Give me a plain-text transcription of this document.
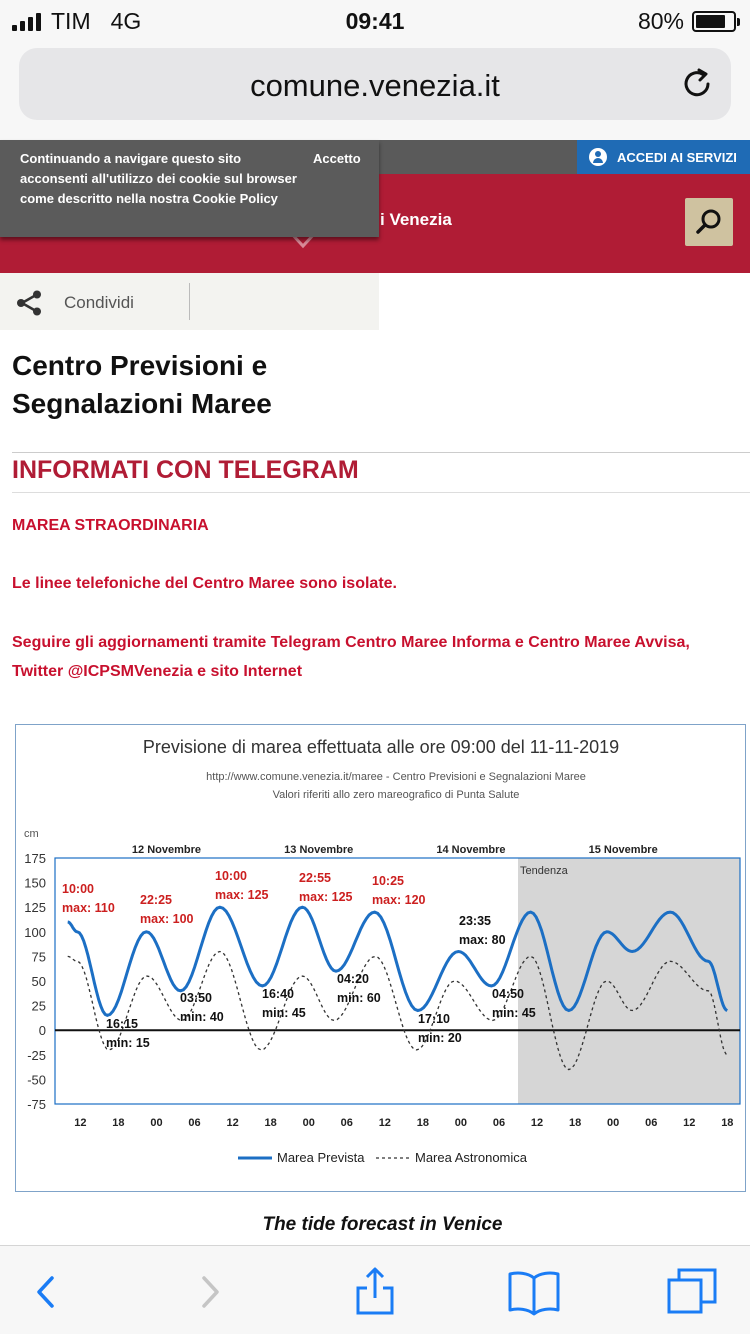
TIM 4G	09:41	80%
comune.venezia.it
ACCEDI AI SERVIZI
i Venezia
Continuando a navigare questo sito acconsenti all'utilizzo dei cookie sul browser come descritto nella nostra Cookie Policy
Accetto
Condividi
Centro Previsioni e Segnalazioni Maree
INFORMATI CON TELEGRAM
MAREA STRAORDINARIA
Le linee telefoniche del Centro Maree sono isolate.
Seguire gli aggiornamenti tramite Telegram Centro Maree Informa e Centro Maree Avvisa,
Twitter @ICPSMVenezia e sito Internet
Previsione di marea effettuata alle ore 09:00 del 11-11-2019
http://www.comune.venezia.it/maree - Centro Previsioni e Segnalazioni Maree
Valori riferiti allo zero mareografico di Punta Salute
cm
Tendenza
175
150
125
100
75
50
25
0
-25
-50
-75
12 18 00 06 12 18 00 06 12 18 00 06 12 18 00 06 12 18
12 Novembre	13 Novembre	14 Novembre	15 Novembre
10:00
max: 110
22:25
max: 100
10:00
max: 125
22:55
max: 125
10:25
max: 120
23:35
max: 80
16:15
min: 15
03:50
min: 40
16:40
min: 45
04:20
min: 60
17:10
min: 20
04:50
min: 45
Marea Prevista	Marea Astronomica
The tide forecast in Venice
